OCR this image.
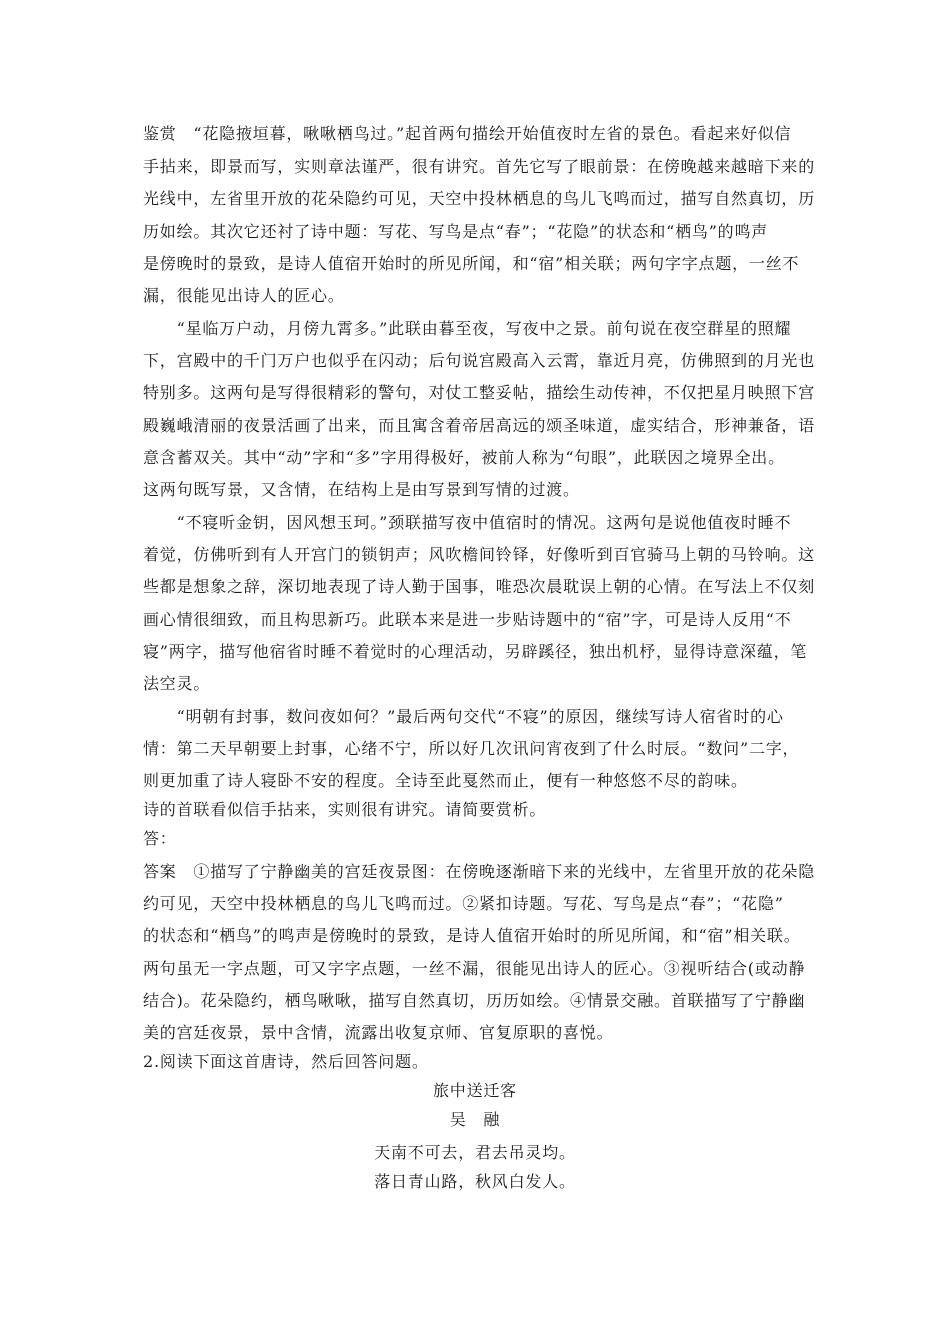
鉴赏　“花隐掖垣暮，啾啾栖鸟过。”起首两句描绘开始值夜时左省的景色。看起来好似信
手拈来，即景而写，实则章法谨严，很有讲究。首先它写了眼前景：在傍晚越来越暗下来的
光线中，左省里开放的花朵隐约可见，天空中投林栖息的鸟儿飞鸣而过，描写自然真切，历
历如绘。其次它还衬了诗中题：写花、写鸟是点“春”；“花隐”的状态和“栖鸟”的鸣声
是傍晚时的景致，是诗人值宿开始时的所见所闻，和“宿”相关联；两句字字点题，一丝不
漏，很能见出诗人的匠心。
　　“星临万户动，月傍九霄多。”此联由暮至夜，写夜中之景。前句说在夜空群星的照耀
下，宫殿中的千门万户也似乎在闪动；后句说宫殿高入云霄，靠近月亮，仿佛照到的月光也
特别多。这两句是写得很精彩的警句，对仗工整妥帖，描绘生动传神，不仅把星月映照下宫
殿巍峨清丽的夜景活画了出来，而且寓含着帝居高远的颂圣味道，虚实结合，形神兼备，语
意含蓄双关。其中“动”字和“多”字用得极好，被前人称为“句眼”，此联因之境界全出。
这两句既写景，又含情，在结构上是由写景到写情的过渡。
　　“不寝听金钥，因风想玉珂。”颈联描写夜中值宿时的情况。这两句是说他值夜时睡不
着觉，仿佛听到有人开宫门的锁钥声；风吹檐间铃铎，好像听到百官骑马上朝的马铃响。这
些都是想象之辞，深切地表现了诗人勤于国事，唯恐次晨耽误上朝的心情。在写法上不仅刻
画心情很细致，而且构思新巧。此联本来是进一步贴诗题中的“宿”字，可是诗人反用“不
寝”两字，描写他宿省时睡不着觉时的心理活动，另辟蹊径，独出机杼，显得诗意深蕴，笔
法空灵。
　　“明朝有封事，数问夜如何？”最后两句交代“不寝”的原因，继续写诗人宿省时的心
情：第二天早朝要上封事，心绪不宁，所以好几次讯问宵夜到了什么时辰。“数问”二字，
则更加重了诗人寝卧不安的程度。全诗至此戛然而止，便有一种悠悠不尽的韵味。
诗的首联看似信手拈来，实则很有讲究。请简要赏析。
答：
答案　①描写了宁静幽美的宫廷夜景图：在傍晚逐渐暗下来的光线中，左省里开放的花朵隐
约可见，天空中投林栖息的鸟儿飞鸣而过。②紧扣诗题。写花、写鸟是点“春”；“花隐”
的状态和“栖鸟”的鸣声是傍晚时的景致，是诗人值宿开始时的所见所闻，和“宿”相关联。
两句虽无一字点题，可又字字点题，一丝不漏，很能见出诗人的匠心。③视听结合(或动静
结合)。花朵隐约，栖鸟啾啾，描写自然真切，历历如绘。④情景交融。首联描写了宁静幽
美的宫廷夜景，景中含情，流露出收复京师、官复原职的喜悦。
2.阅读下面这首唐诗，然后回答问题。
旅中送迁客
吴　融
天南不可去，君去吊灵均。
落日青山路，秋风白发人。
